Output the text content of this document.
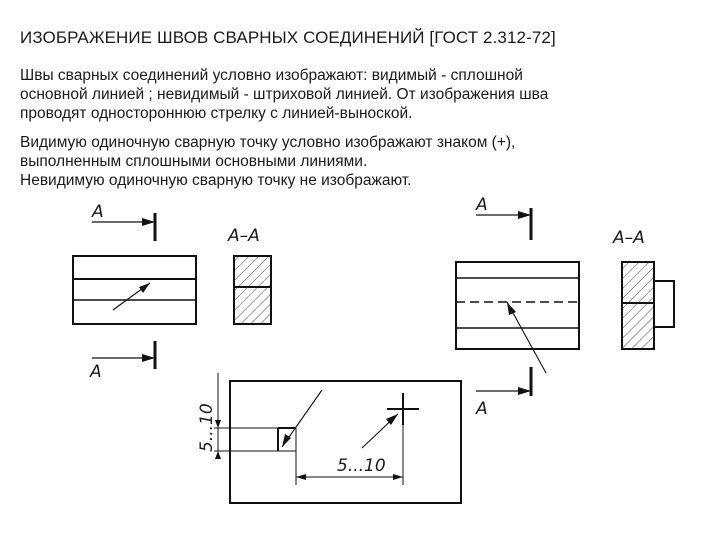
ИЗОБРАЖЕНИЕ ШВОВ СВАРНЫХ СОЕДИНЕНИЙ [ГОСТ 2.312-72]

Швы сварных соединений условно изображают: видимый - сплошной
основной линией ; невидимый - штриховой линией. От изображения шва
проводят одностороннюю стрелку с линией-выноской.

Видимую одиночную сварную точку условно изображают знаком (+),
выполненным сплошными основными линиями.
Невидимую одиночную сварную точку не изображают.

A
A
A–A
A
A
A–A
5...10
5...10
